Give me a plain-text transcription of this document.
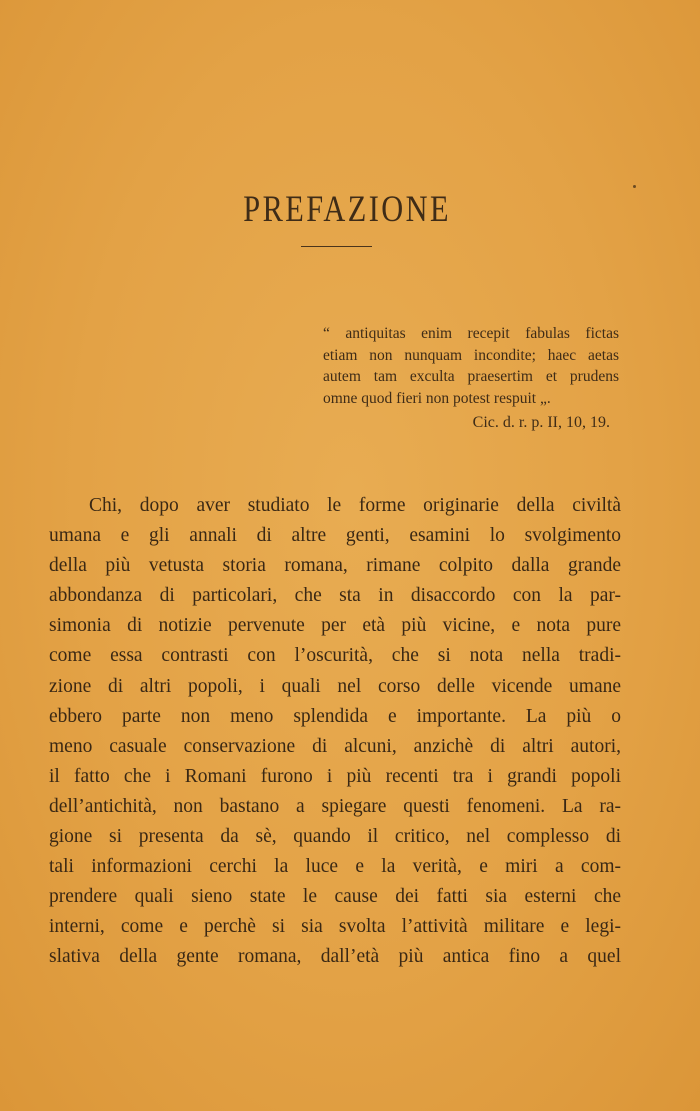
PREFAZIONE
“ antiquitas enim recepit fabulas fictas
etiam non nunquam incondite; haec aetas
autem tam exculta praesertim et prudens
omne quod fieri non potest respuit „.
Cic. d. r. p. II, 10, 19.
Chi, dopo aver studiato le forme originarie della civiltà
umana e gli annali di altre genti, esamini lo svolgimento
della più vetusta storia romana, rimane colpito dalla grande
abbondanza di particolari, che sta in disaccordo con la par-
simonia di notizie pervenute per età più vicine, e nota pure
come essa contrasti con l’oscurità, che si nota nella tradi-
zione di altri popoli, i quali nel corso delle vicende umane
ebbero parte non meno splendida e importante. La più o
meno casuale conservazione di alcuni, anzichè di altri autori,
il fatto che i Romani furono i più recenti tra i grandi popoli
dell’antichità, non bastano a spiegare questi fenomeni. La ra-
gione si presenta da sè, quando il critico, nel complesso di
tali informazioni cerchi la luce e la verità, e miri a com-
prendere quali sieno state le cause dei fatti sia esterni che
interni, come e perchè si sia svolta l’attività militare e legi-
slativa della gente romana, dall’età più antica fino a quel
